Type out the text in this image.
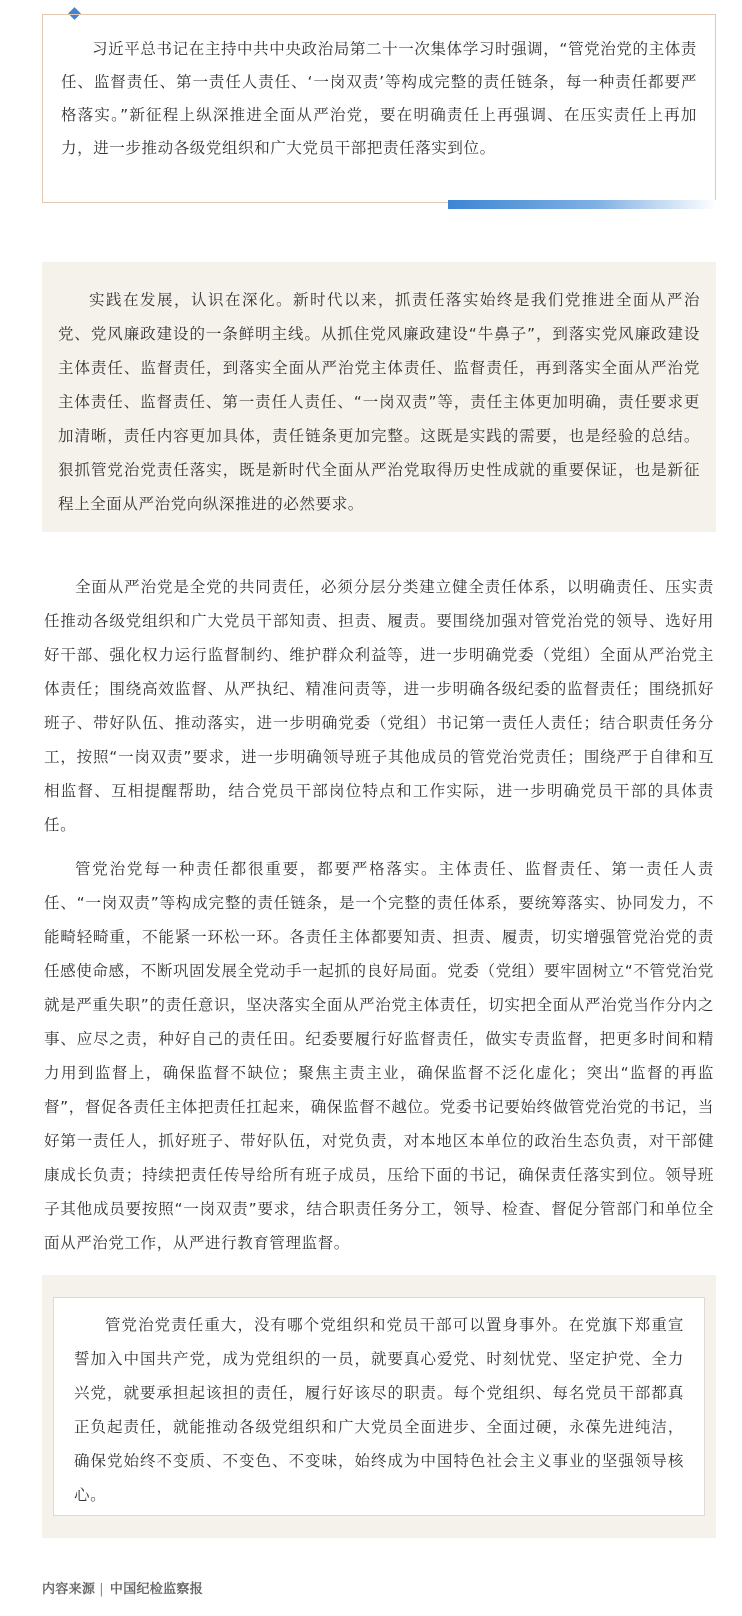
习近平总书记在主持中共中央政治局第二十一次集体学习时强调，“管党治党的主体责任、监督责任、第一责任人责任、‘一岗双责’等构成完整的责任链条，每一种责任都要严格落实。”新征程上纵深推进全面从严治党，要在明确责任上再强调、在压实责任上再加力，进一步推动各级党组织和广大党员干部把责任落实到位。

实践在发展，认识在深化。新时代以来，抓责任落实始终是我们党推进全面从严治党、党风廉政建设的一条鲜明主线。从抓住党风廉政建设“牛鼻子”，到落实党风廉政建设主体责任、监督责任，到落实全面从严治党主体责任、监督责任，再到落实全面从严治党主体责任、监督责任、第一责任人责任、“一岗双责”等，责任主体更加明确，责任要求更加清晰，责任内容更加具体，责任链条更加完整。这既是实践的需要，也是经验的总结。狠抓管党治党责任落实，既是新时代全面从严治党取得历史性成就的重要保证，也是新征程上全面从严治党向纵深推进的必然要求。

全面从严治党是全党的共同责任，必须分层分类建立健全责任体系，以明确责任、压实责任推动各级党组织和广大党员干部知责、担责、履责。要围绕加强对管党治党的领导、选好用好干部、强化权力运行监督制约、维护群众利益等，进一步明确党委（党组）全面从严治党主体责任；围绕高效监督、从严执纪、精准问责等，进一步明确各级纪委的监督责任；围绕抓好班子、带好队伍、推动落实，进一步明确党委（党组）书记第一责任人责任；结合职责任务分工，按照“一岗双责”要求，进一步明确领导班子其他成员的管党治党责任；围绕严于自律和互相监督、互相提醒帮助，结合党员干部岗位特点和工作实际，进一步明确党员干部的具体责任。

管党治党每一种责任都很重要，都要严格落实。主体责任、监督责任、第一责任人责任、“一岗双责”等构成完整的责任链条，是一个完整的责任体系，要统筹落实、协同发力，不能畸轻畸重，不能紧一环松一环。各责任主体都要知责、担责、履责，切实增强管党治党的责任感使命感，不断巩固发展全党动手一起抓的良好局面。党委（党组）要牢固树立“不管党治党就是严重失职”的责任意识，坚决落实全面从严治党主体责任，切实把全面从严治党当作分内之事、应尽之责，种好自己的责任田。纪委要履行好监督责任，做实专责监督，把更多时间和精力用到监督上，确保监督不缺位；聚焦主责主业，确保监督不泛化虚化；突出“监督的再监督”，督促各责任主体把责任扛起来，确保监督不越位。党委书记要始终做管党治党的书记，当好第一责任人，抓好班子、带好队伍，对党负责，对本地区本单位的政治生态负责，对干部健康成长负责；持续把责任传导给所有班子成员，压给下面的书记，确保责任落实到位。领导班子其他成员要按照“一岗双责”要求，结合职责任务分工，领导、检查、督促分管部门和单位全面从严治党工作，从严进行教育管理监督。

管党治党责任重大，没有哪个党组织和党员干部可以置身事外。在党旗下郑重宣誓加入中国共产党，成为党组织的一员，就要真心爱党、时刻忧党、坚定护党、全力兴党，就要承担起该担的责任，履行好该尽的职责。每个党组织、每名党员干部都真正负起责任，就能推动各级党组织和广大党员全面进步、全面过硬，永葆先进纯洁，确保党始终不变质、不变色、不变味，始终成为中国特色社会主义事业的坚强领导核心。

内容来源 | 中国纪检监察报
